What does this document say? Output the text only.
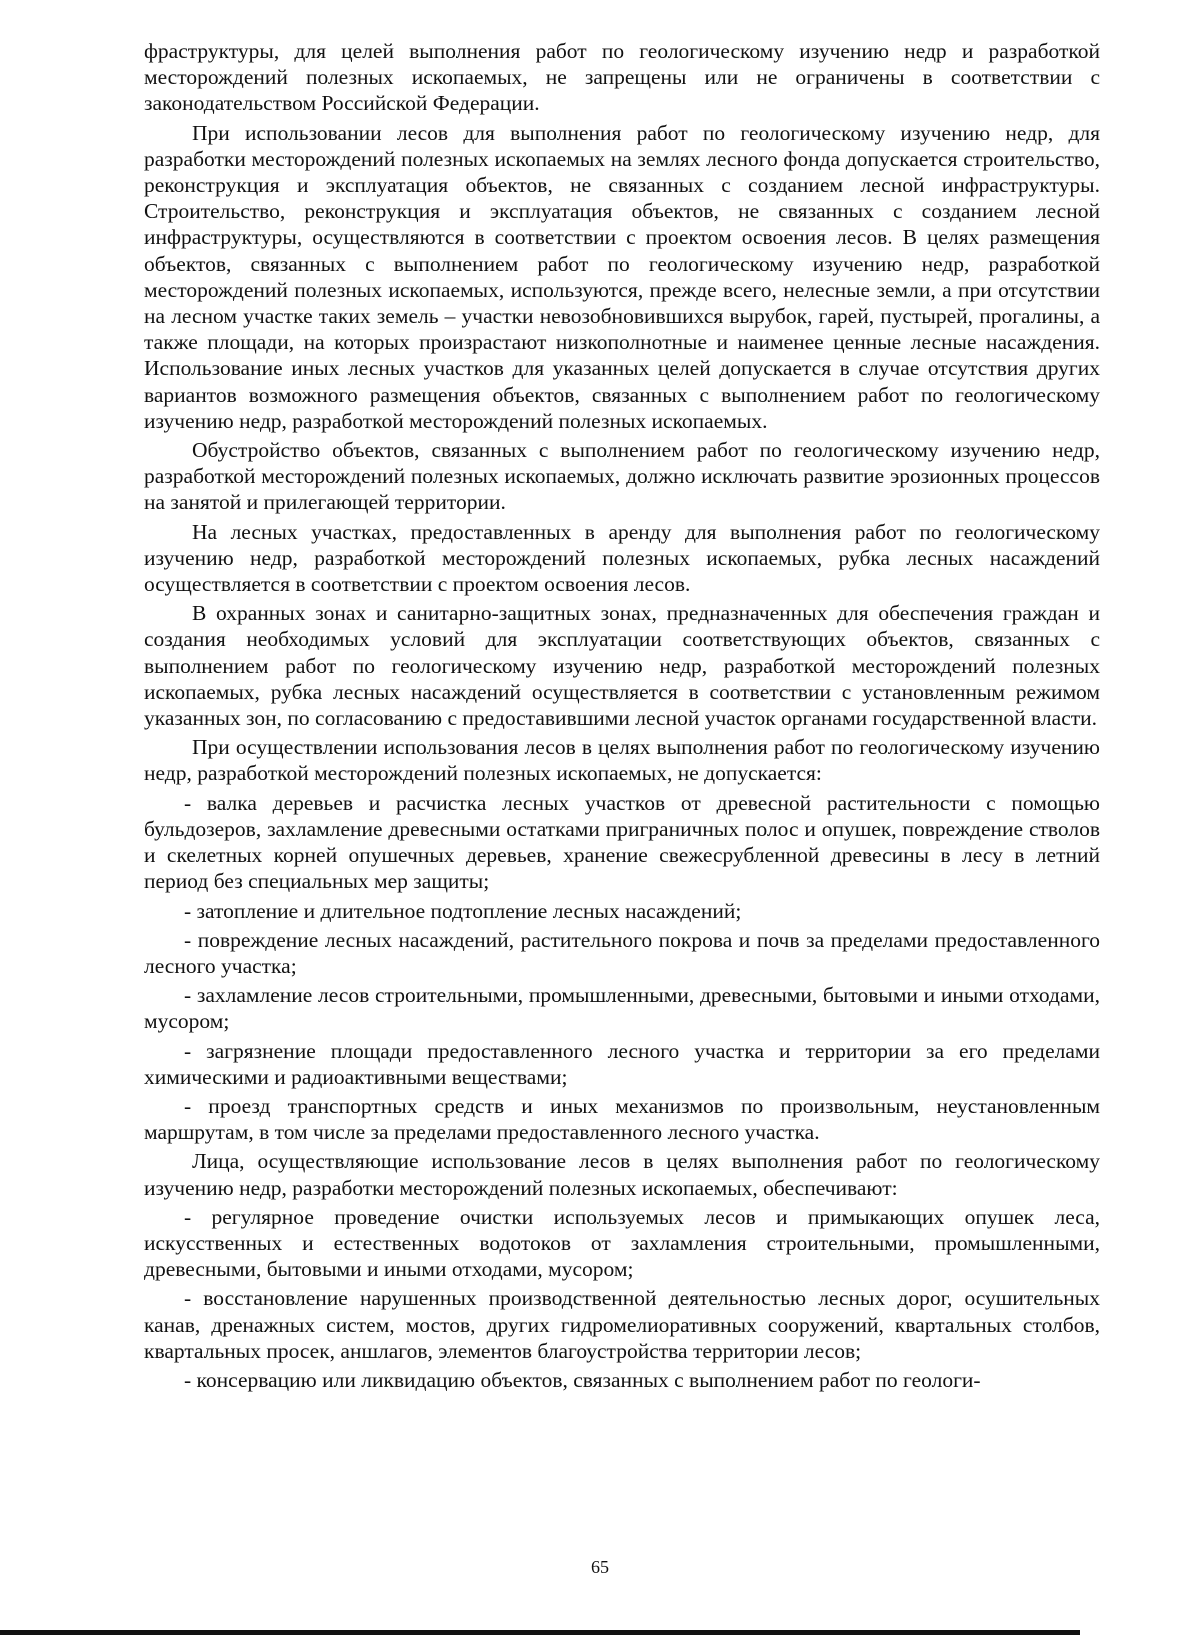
фраструктуры, для целей выполнения работ по геологическому изучению недр и разработкой месторождений полезных ископаемых, не запрещены или не ограничены в соответствии с законодательством Российской Федерации.

При использовании лесов для выполнения работ по геологическому изучению недр, для разработки месторождений полезных ископаемых на землях лесного фонда допускается строительство, реконструкция и эксплуатация объектов, не связанных с созданием лесной инфраструктуры. Строительство, реконструкция и эксплуатация объектов, не связанных с созданием лесной инфраструктуры, осуществляются в соответствии с проектом освоения лесов. В целях размещения объектов, связанных с выполнением работ по геологическому изучению недр, разработкой месторождений полезных ископаемых, используются, прежде всего, нелесные земли, а при отсутствии на лесном участке таких земель – участки невозобновившихся вырубок, гарей, пустырей, прогалины, а также площади, на которых произрастают низкополнотные и наименее ценные лесные насаждения. Использование иных лесных участков для указанных целей допускается в случае отсутствия других вариантов возможного размещения объектов, связанных с выполнением работ по геологическому изучению недр, разработкой месторождений полезных ископаемых.

Обустройство объектов, связанных с выполнением работ по геологическому изучению недр, разработкой месторождений полезных ископаемых, должно исключать развитие эрозионных процессов на занятой и прилегающей территории.

На лесных участках, предоставленных в аренду для выполнения работ по геологическому изучению недр, разработкой месторождений полезных ископаемых, рубка лесных насаждений осуществляется в соответствии с проектом освоения лесов.

В охранных зонах и санитарно-защитных зонах, предназначенных для обеспечения граждан и создания необходимых условий для эксплуатации соответствующих объектов, связанных с выполнением работ по геологическому изучению недр, разработкой месторождений полезных ископаемых, рубка лесных насаждений осуществляется в соответствии с установленным режимом указанных зон, по согласованию с предоставившими лесной участок органами государственной власти.

При осуществлении использования лесов в целях выполнения работ по геологическому изучению недр, разработкой месторождений полезных ископаемых, не допускается:

- валка деревьев и расчистка лесных участков от древесной растительности с помощью бульдозеров, захламление древесными остатками приграничных полос и опушек, повреждение стволов и скелетных корней опушечных деревьев, хранение свежесрубленной древесины в лесу в летний период без специальных мер защиты;

- затопление и длительное подтопление лесных насаждений;

- повреждение лесных насаждений, растительного покрова и почв за пределами предоставленного лесного участка;

- захламление лесов строительными, промышленными, древесными, бытовыми и иными отходами, мусором;

- загрязнение площади предоставленного лесного участка и территории за его пределами химическими и радиоактивными веществами;

- проезд транспортных средств и иных механизмов по произвольным, неустановленным маршрутам, в том числе за пределами предоставленного лесного участка.

Лица, осуществляющие использование лесов в целях выполнения работ по геологическому изучению недр, разработки месторождений полезных ископаемых, обеспечивают:

- регулярное проведение очистки используемых лесов и примыкающих опушек леса, искусственных и естественных водотоков от захламления строительными, промышленными, древесными, бытовыми и иными отходами, мусором;

- восстановление нарушенных производственной деятельностью лесных дорог, осушительных канав, дренажных систем, мостов, других гидромелиоративных сооружений, квартальных столбов, квартальных просек, аншлагов, элементов благоустройства территории лесов;

- консервацию или ликвидацию объектов, связанных с выполнением работ по геологи-

65
